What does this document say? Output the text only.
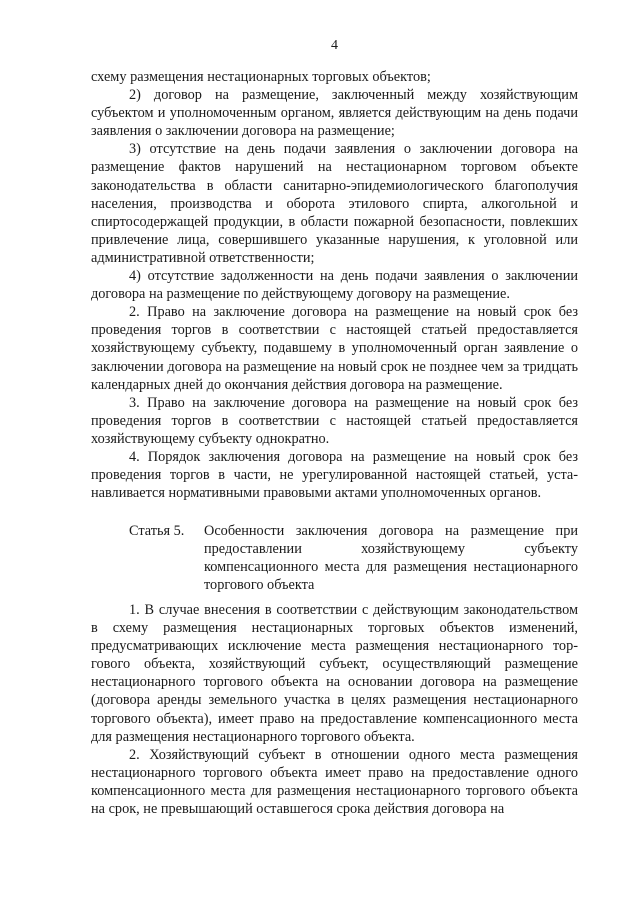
4

схему размещения нестационарных торговых объектов;

2) договор на размещение, заключенный между хозяйствующим субъектом и уполномоченным органом, является действующим на день подачи заявления о заключении договора на размещение;

3) отсутствие на день подачи заявления о заключении договора на размещение фактов нарушений на нестационарном торговом объекте законодательства в области санитарно-эпидемиологического благополучия населения, производства и оборота этилового спирта, алкогольной и спиртосодержащей продукции, в области пожарной безопасности, повлекших привлечение лица, совершившего указанные нарушения, к уголовной или административной ответственности;

4) отсутствие задолженности на день подачи заявления о заключении договора на размещение по действующему договору на размещение.

2. Право на заключение договора на размещение на новый срок без проведения торгов в соответствии с настоящей статьей предоставляется хозяйствующему субъекту, подавшему в уполномоченный орган заявление о заключении договора на размещение на новый срок не позднее чем за тридцать календарных дней до окончания действия договора на размещение.

3. Право на заключение договора на размещение на новый срок без проведения торгов в соответствии с настоящей статьей предоставляется хозяйствующему субъекту однократно.

4. Порядок заключения договора на размещение на новый срок без проведения торгов в части, не урегулированной настоящей статьей, устанавливается нормативными правовыми актами уполномоченных органов.

Статья 5. Особенности заключения договора на размещение при предоставлении хозяйствующему субъекту компенсационного места для размещения нестационарного торгового объекта

1. В случае внесения в соответствии с действующим законодательством в схему размещения нестационарных торговых объектов изменений, предусматривающих исключение места размещения нестационарного торгового объекта, хозяйствующий субъект, осуществляющий размещение нестационарного торгового объекта на основании договора на размещение (договора аренды земельного участка в целях размещения нестационарного торгового объекта), имеет право на предоставление компенсационного места для размещения нестационарного торгового объекта.

2. Хозяйствующий субъект в отношении одного места размещения нестационарного торгового объекта имеет право на предоставление одного компенсационного места для размещения нестационарного торгового объекта на срок, не превышающий оставшегося срока действия договора на
